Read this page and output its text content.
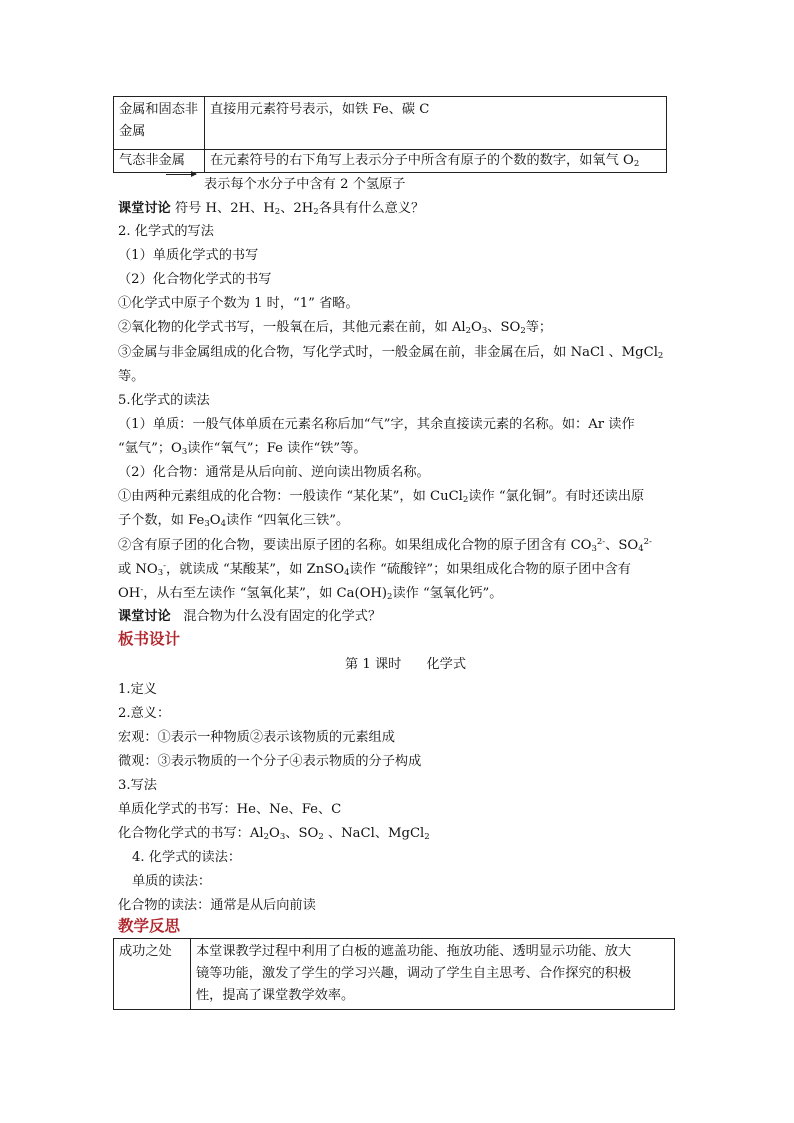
金属和固态非金属	直接用元素符号表示，如铁 Fe、碳 C
气态非金属	在元素符号的右下角写上表示分子中所含有原子的个数的数字，如氧气 $O_2$
表示每个水分子中含有 2 个氢原子
课堂讨论 符号 H、2H、$H_2$、$2H_2$各具有什么意义？
2. 化学式的写法
（1）单质化学式的书写
（2）化合物化学式的书写
①化学式中原子个数为 1 时，“1” 省略。
②氧化物的化学式书写，一般氧在后，其他元素在前，如 $Al_2O_3$、$SO_2$等；
③金属与非金属组成的化合物，写化学式时，一般金属在前，非金属在后，如 NaCl 、MgCl$_2$
等。
5.化学式的读法
（1）单质：一般气体单质在元素名称后加“气”字，其余直接读元素的名称。如：Ar 读作
“氩气”；$O_3$读作“氧气”；Fe 读作“铁”等。
（2）化合物：通常是从后向前、逆向读出物质名称。
①由两种元素组成的化合物：一般读作 “某化某”，如 CuCl$_2$读作 “氯化铜”。有时还读出原
子个数，如 $Fe_3O_4$读作 “四氧化三铁”。
②含有原子团的化合物，要读出原子团的名称。如果组成化合物的原子团含有 $CO_3^{2-}$、$SO_4^{2-}$
或 $NO_3^-$，就读成 “某酸某”，如 ZnSO$_4$读作 “硫酸锌”；如果组成化合物的原子团中含有
OH-，从右至左读作 “氢氧化某”，如 $Ca(OH)_2$读作 “氢氧化钙”。
课堂讨论 混合物为什么没有固定的化学式？
板书设计
第 1 课时 化学式
1.定义
2.意义：
宏观：①表示一种物质②表示该物质的元素组成
微观：③表示物质的一个分子④表示物质的分子构成
3.写法
单质化学式的书写：He、Ne、Fe、C
化合物化学式的书写：$Al_2O_3$、$SO_2$ 、NaCl、MgCl$_2$
4. 化学式的读法：
单质的读法：
化合物的读法：通常是从后向前读
教学反思
成功之处	本堂课教学过程中利用了白板的遮盖功能、拖放功能、透明显示功能、放大
镜等功能，激发了学生的学习兴趣，调动了学生自主思考、合作探究的积极
性，提高了课堂教学效率。
